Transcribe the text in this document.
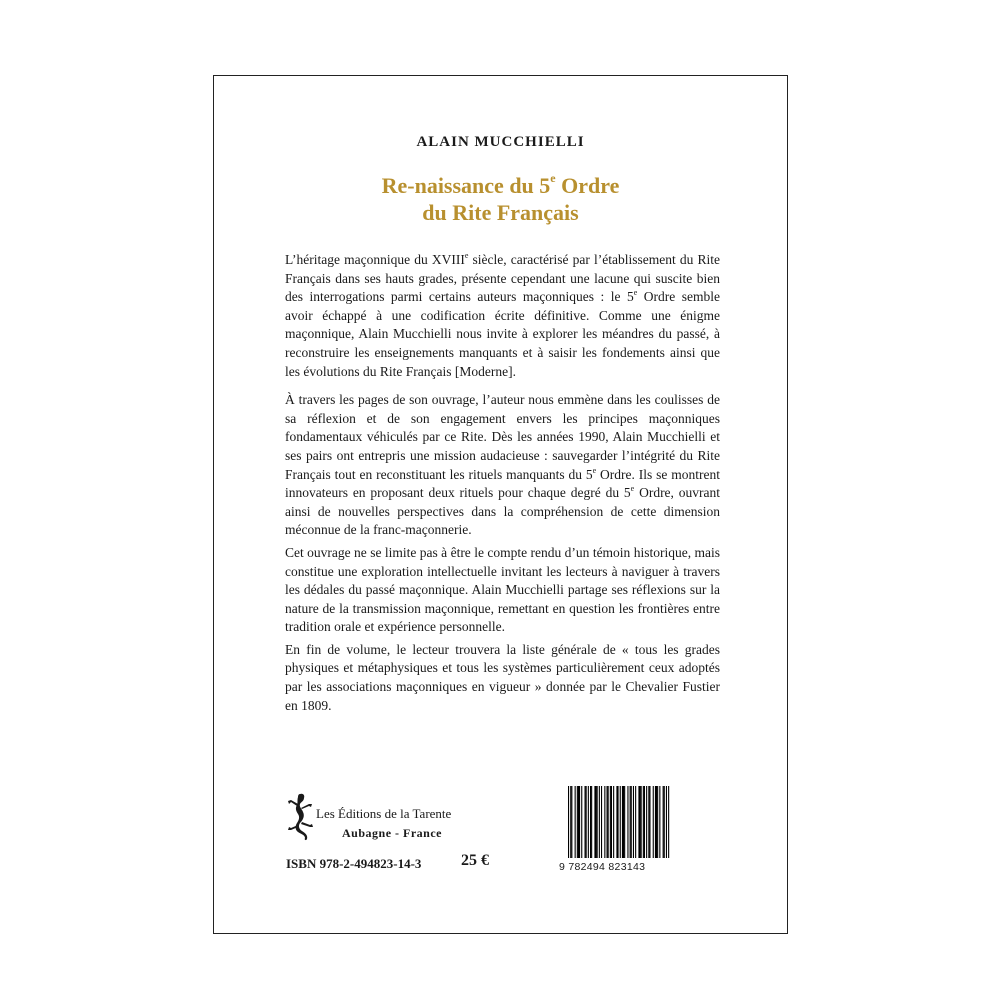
ALAIN MUCCHIELLI
Re-naissance du 5e Ordre
du Rite Français

L’héritage maçonnique du XVIIIe siècle, caractérisé par l’établissement du Rite Français dans ses hauts grades, présente cependant une lacune qui suscite bien des interrogations parmi certains auteurs maçonniques : le 5e Ordre semble avoir échappé à une codification écrite définitive. Comme une énigme maçonnique, Alain Mucchielli nous invite à explorer les méandres du passé, à reconstruire les enseignements manquants et à saisir les fondements ainsi que les évolutions du Rite Français [Moderne].

À travers les pages de son ouvrage, l’auteur nous emmène dans les coulisses de sa réflexion et de son engagement envers les principes maçonniques fondamentaux véhiculés par ce Rite. Dès les années 1990, Alain Mucchielli et ses pairs ont entrepris une mission audacieuse : sauvegarder l’intégrité du Rite Français tout en reconstituant les rituels manquants du 5e Ordre. Ils se montrent innovateurs en proposant deux rituels pour chaque degré du 5e Ordre, ouvrant ainsi de nouvelles perspectives dans la compréhension de cette dimension méconnue de la franc-maçonnerie.

Cet ouvrage ne se limite pas à être le compte rendu d’un témoin historique, mais constitue une exploration intellectuelle invitant les lecteurs à naviguer à travers les dédales du passé maçonnique. Alain Mucchielli partage ses réflexions sur la nature de la transmission maçonnique, remettant en question les frontières entre tradition orale et expérience personnelle.

En fin de volume, le lecteur trouvera la liste générale de « tous les grades physiques et métaphysiques et tous les systèmes particulièrement ceux adoptés par les associations maçonniques en vigueur » donnée par le Chevalier Fustier en 1809.

Les Éditions de la Tarente
Aubagne - France
ISBN 978-2-494823-14-3 25 €	9 782494 823143
